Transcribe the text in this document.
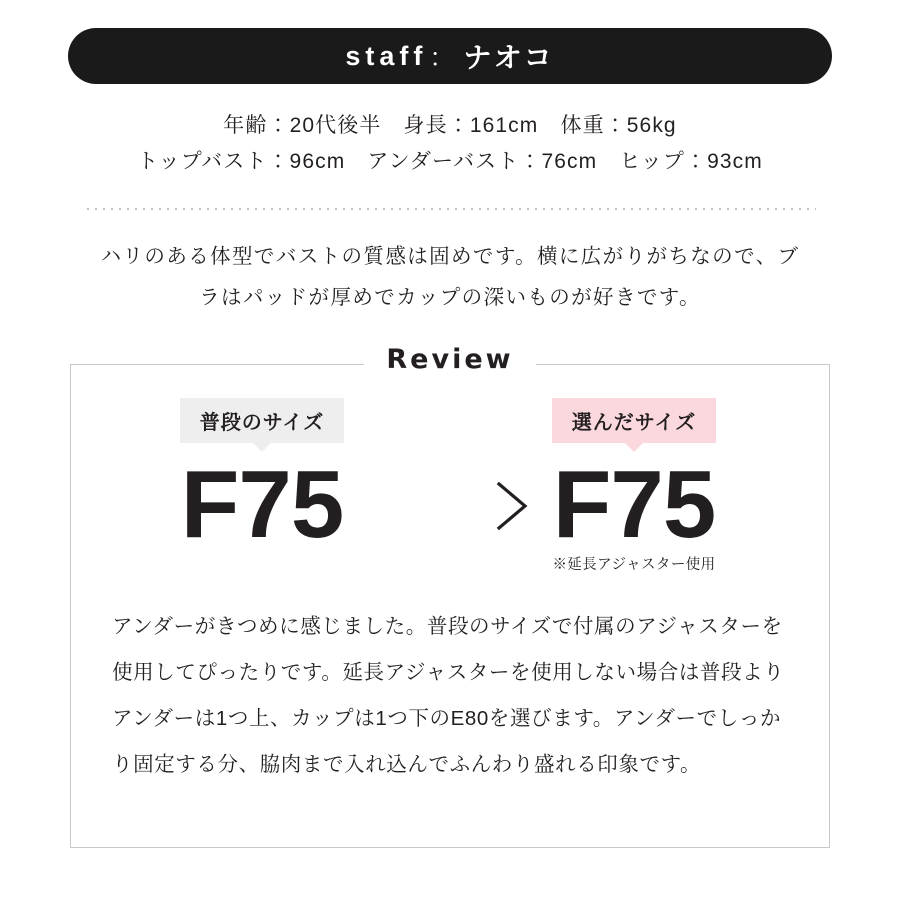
staff ： ナオコ
年齢：20代後半　身長：161cm　体重：56kg
トップバスト：96cm　アンダーバスト：76cm　ヒップ：93cm
ハリのある体型でバストの質感は固めです。横に広がりがちなので、ブラはパッドが厚めでカップの深いものが好きです。
Review
普段のサイズ
F75
選んだサイズ
F75
※延長アジャスター使用
アンダーがきつめに感じました。普段のサイズで付属のアジャスターを使用してぴったりです。延長アジャスターを使用しない場合は普段よりアンダーは1つ上、カップは1つ下のE80を選びます。アンダーでしっかり固定する分、脇肉まで入れ込んでふんわり盛れる印象です。
